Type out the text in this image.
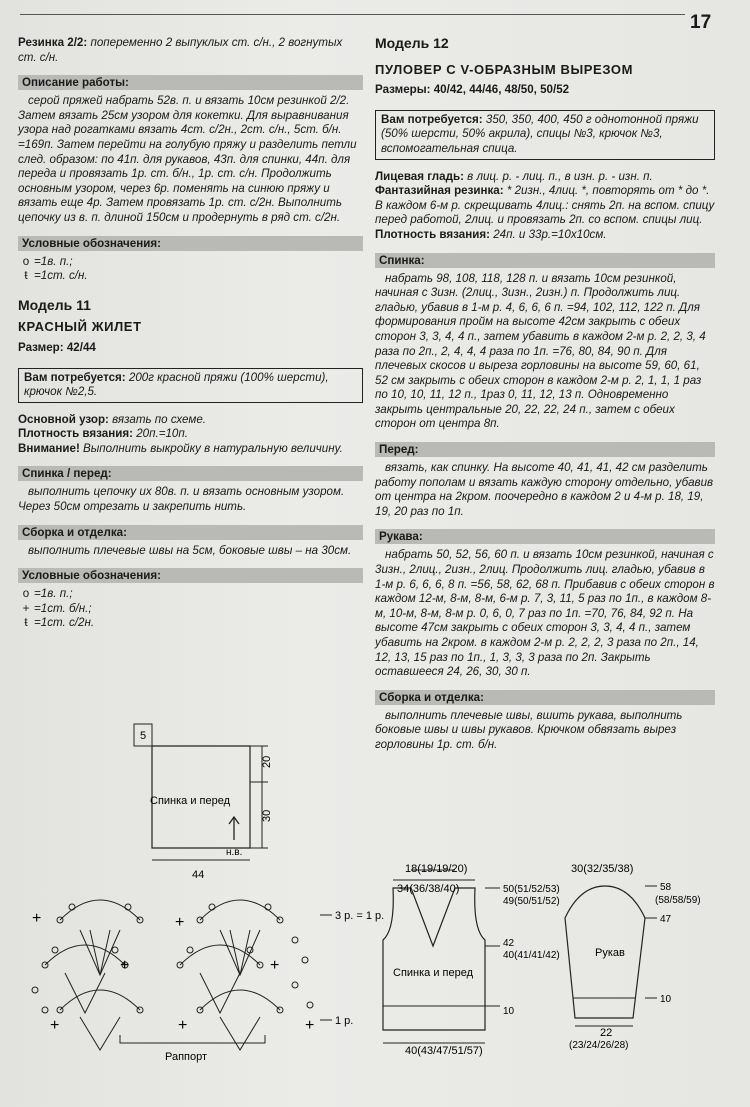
17

Резинка 2/2: попеременно 2 выпуклых ст. с/н., 2 вогнутых ст. с/н.

Описание работы:

серой пряжей набрать 52в. п. и вязать 10см резинкой 2/2. Затем вязать 25см узором для кокетки. Для выравнивания узора над рогатками вязать 4ст. с/2н., 2ст. с/н., 5ст. б/н. =169п. Затем перейти на голубую пряжу и разделить петли след. образом: по 41п. для рукавов, 43п. для спинки, 44п. для переда и провязать 1р. ст. б/н., 1р. ст. с/н. Продолжить основным узором, через 6р. поменять на синюю пряжу и вязать еще 4р. Затем провязать 1р. ст. с/2н. Выполнить цепочку из в. п. длиной 150см и продернуть в ряд ст. с/2н.

Условные обозначения:
o =1в. п.;
ŧ =1ст. с/н.
Модель 11
КРАСНЫЙ ЖИЛЕТ

Размер: 42/44

Вам потребуется: 200г красной пряжи (100% шерсти), крючок №2,5.

Основной узор: вязать по схеме.

Плотность вязания: 20п.=10п.

Внимание! Выполнить выкройку в натуральную величину.

Спинка / перед:

выполнить цепочку их 80в. п. и вязать основным узором. Через 50см отрезать и закрепить нить.

Сборка и отделка:

выполнить плечевые швы на 5см, боковые швы – на 30см.

Условные обозначения:
o =1в. п.;
+ =1ст. б/н.;
ŧ =1ст. с/2н.
5
20
30
Спинка и перед
н.в.
44
+	+
+	+
+	+	+
3 р. = 1 р.
1 р.
Раппорт
Модель 12
ПУЛОВЕР С V-ОБРАЗНЫМ ВЫРЕЗОМ

Размеры: 40/42, 44/46, 48/50, 50/52

Вам потребуется: 350, 350, 400, 450 г однотонной пряжи (50% шерсти, 50% акрила), спицы №3, крючок №3, вспомогательная спица.

Лицевая гладь: в лиц. р. - лиц. п., в изн. р. - изн. п.

Фантазийная резинка: * 2изн., 4лиц. *, повторять от * до *. В каждом 6-м р. скрещивать 4лиц.: снять 2п. на вспом. спицу перед работой, 2лиц. и провязать 2п. со вспом. спицы лиц.

Плотность вязания: 24п. и 33р.=10х10см.

Спинка:

набрать 98, 108, 118, 128 п. и вязать 10см резинкой, начиная с 3изн. (2лиц., 3изн., 2изн.) п. Продолжить лиц. гладью, убавив в 1-м р. 4, 6, 6, 6 п. =94, 102, 112, 122 п. Для формирования пройм на высоте 42см закрыть с обеих сторон 3, 3, 4, 4 п., затем убавить в каждом 2-м р. 2, 2, 3, 4 раза по 2п., 2, 4, 4, 4 раза по 1п. =76, 80, 84, 90 п. Для плечевых скосов и выреза горловины на высоте 59, 60, 61, 52 см закрыть с обеих сторон в каждом 2-м р. 2, 1, 1, 1 раз по 10, 10, 11, 12 п., 1раз 0, 11, 12, 13 п. Одновременно закрыть центральные 20, 22, 22, 24 п., затем с обеих сторон от центра 8п.

Перед:

вязать, как спинку. На высоте 40, 41, 41, 42 см разделить работу пополам и вязать каждую сторону отдельно, убавив от центра на 2кром. поочередно в каждом 2 и 4-м р. 18, 19, 19, 20 раз по 1п.

Рукава:

набрать 50, 52, 56, 60 п. и вязать 10см резинкой, начиная с 3изн., 2лиц., 2изн., 2лиц. Продолжить лиц. гладью, убавив в 1-м р. 6, 6, 6, 8 п. =56, 58, 62, 68 п. Прибавив с обеих сторон в каждом 12-м, 8-м, 8-м, 6-м р. 7, 3, 11, 5 раз по 1п., в каждом 8-м, 10-м, 8-м, 8-м р. 0, 6, 0, 7 раз по 1п. =70, 76, 84, 92 п. На высоте 47см закрыть с обеих сторон 3, 3, 4, 4 п., затем убавить на 2кром. в каждом 2-м р. 2, 2, 2, 3 раза по 2п., 14, 12, 13, 15 раз по 1п., 1, 3, 3, 3 раза по 2п. Закрыть оставшееся 24, 26, 30, 30 п.

Сборка и отделка:

выполнить плечевые швы, вшить рукава, выполнить боковые швы и швы рукавов. Крючком обвязать вырез горловины 1р. ст. б/н.

18(19/19/20)
34(36/38/40)	50(51/52/53)
49(50/51/52)
42
40(41/41/42)
10
Спинка и перед
40(43/47/51/57)
30(32/35/38)
58
(58/58/59)
47
10
Рукав
22
(23/24/26/28)
